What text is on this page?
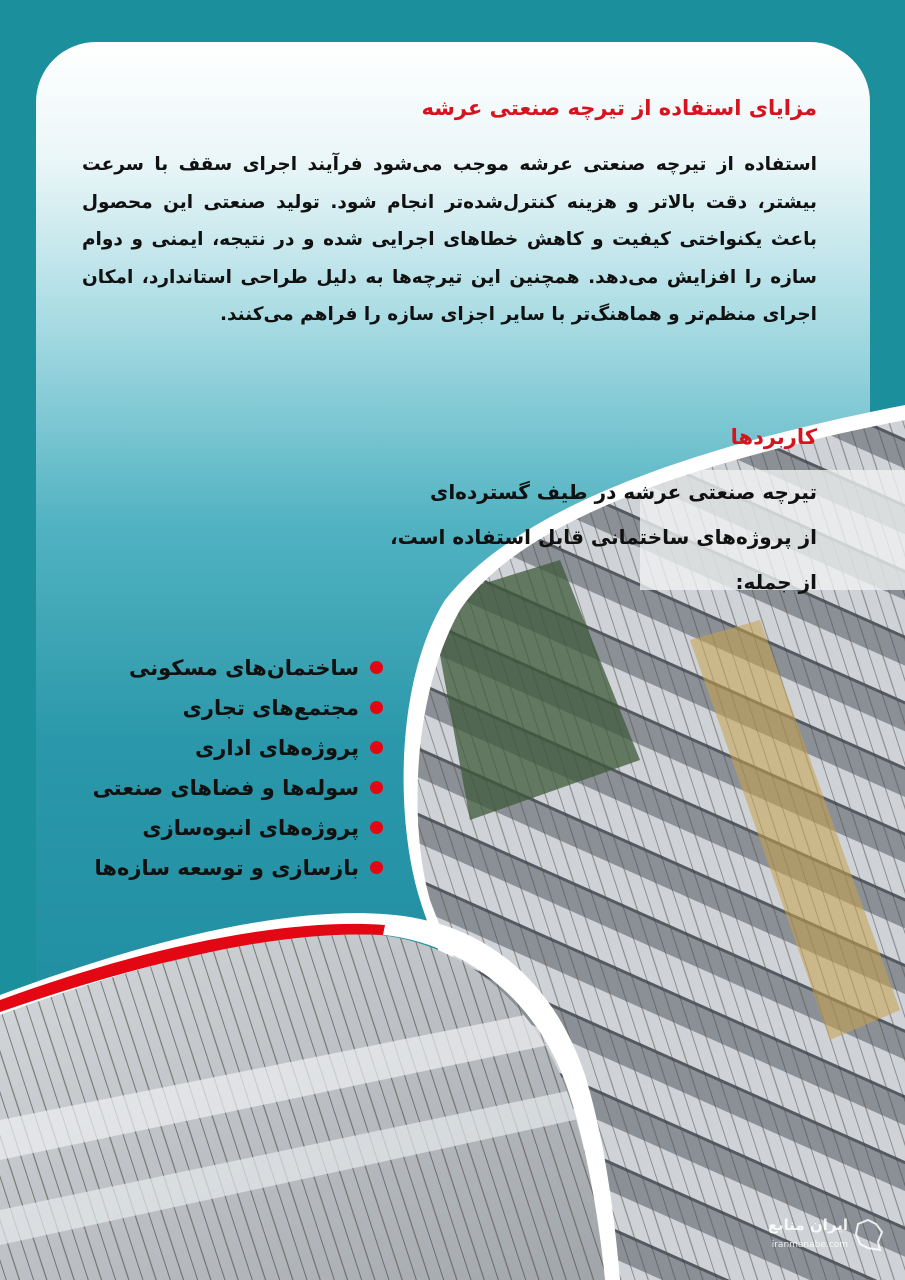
مزایای استفاده از تیرچه صنعتی عرشه
استفاده از تیرچه صنعتی عرشه موجب می‌شود فرآیند اجرای سقف با سرعت بیشتر، دقت بالاتر و هزینه کنترل‌شده‌تر انجام شود. تولید صنعتی این محصول باعث یکنواختی کیفیت و کاهش خطاهای اجرایی شده و در نتیجه، ایمنی و دوام سازه را افزایش می‌دهد. همچنین این تیرچه‌ها به دلیل طراحی استاندارد، امکان اجرای منظم‌تر و هماهنگ‌تر با سایر اجزای سازه را فراهم می‌کنند.
کاربردها
تیرچه صنعتی عرشه در طیف گسترده‌ای
از پروژه‌های ساختمانی قابل استفاده است،
از جمله:
ساختمان‌های مسکونی
مجتمع‌های تجاری
پروژه‌های اداری
سوله‌ها و فضاهای صنعتی
پروژه‌های انبوه‌سازی
بازسازی و توسعه سازه‌ها
ایران منابع
iranmanabe.com
